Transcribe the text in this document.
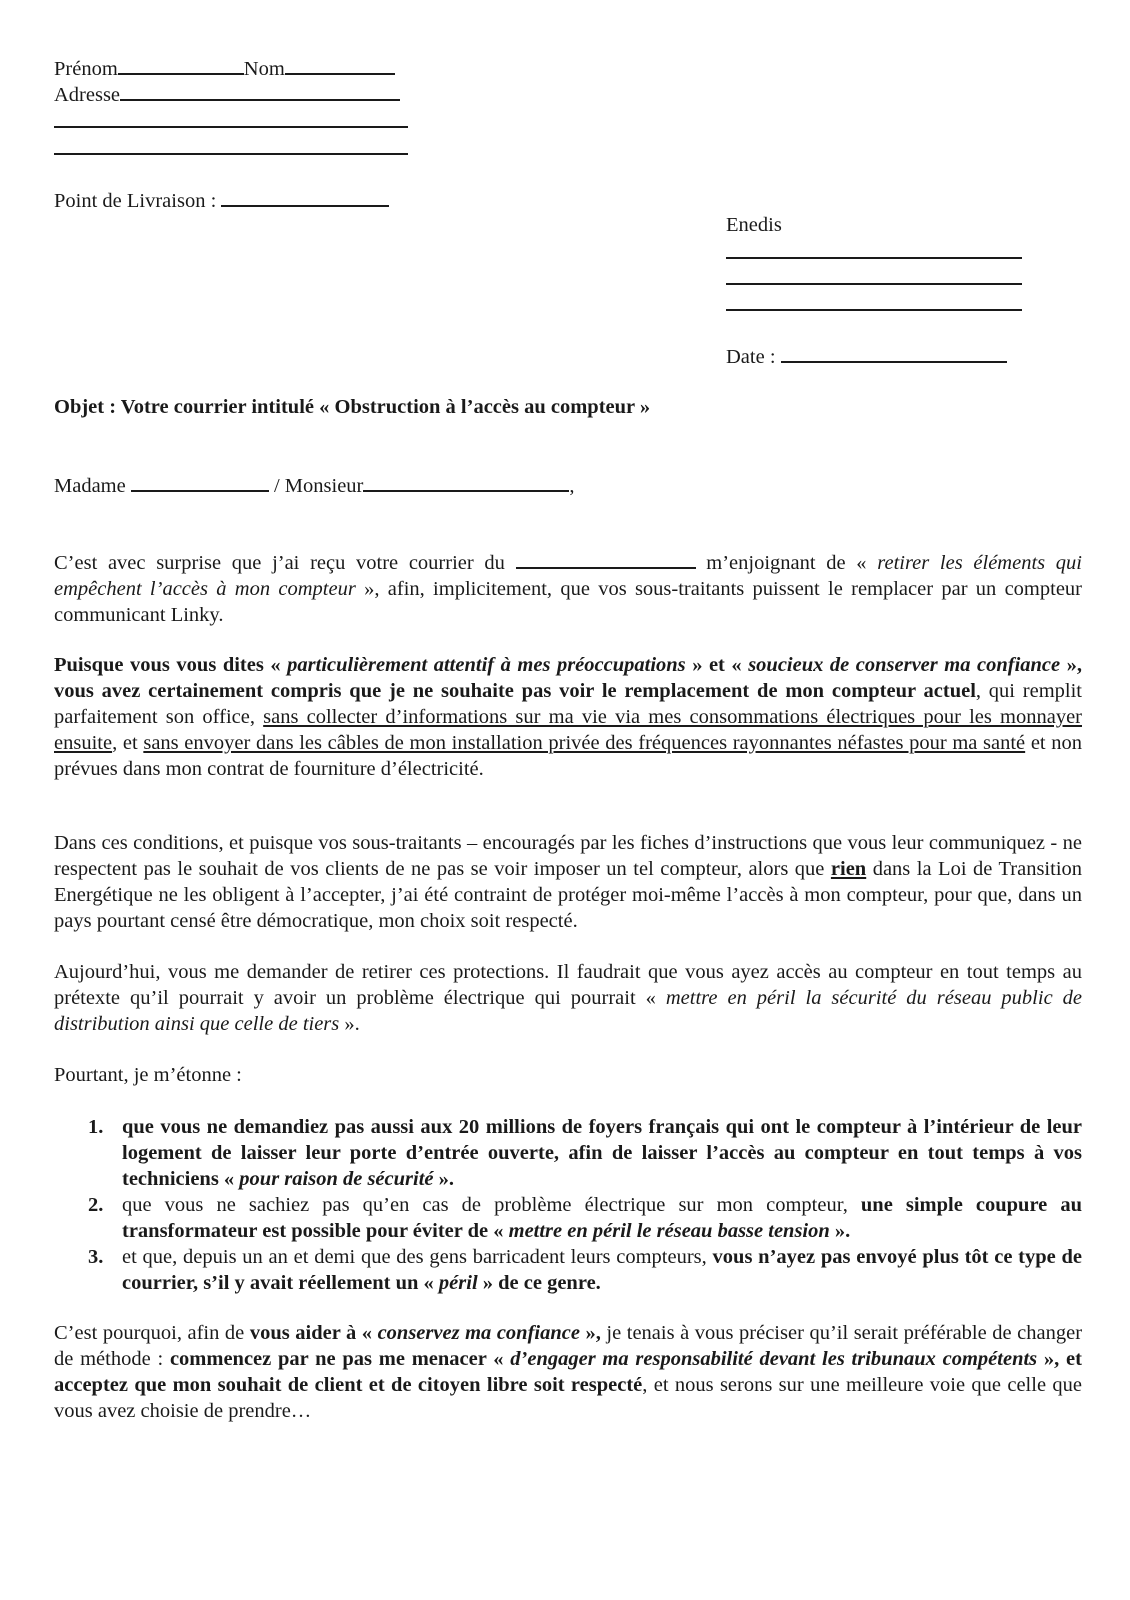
Prénom	Nom
Adresse
Point de Livraison :
Enedis
Date :
Objet : Votre courrier intitulé « Obstruction à l’accès au compteur »
Madame	/ Monsieur	,

C’est avec surprise que j’ai reçu votre courrier du	m’enjoignant de « retirer les éléments qui empêchent l’accès à mon compteur », afin, implicitement, que vos sous-traitants puissent le remplacer par un compteur communicant Linky.

Puisque vous vous dites « particulièrement attentif à mes préoccupations » et « soucieux de conserver ma confiance », vous avez certainement compris que je ne souhaite pas voir le remplacement de mon compteur actuel, qui remplit parfaitement son office, sans collecter d’informations sur ma vie via mes consommations électriques pour les monnayer ensuite, et sans envoyer dans les câbles de mon installation privée des fréquences rayonnantes néfastes pour ma santé et non prévues dans mon contrat de fourniture d’électricité.

Dans ces conditions, et puisque vos sous-traitants – encouragés par les fiches d’instructions que vous leur communiquez - ne respectent pas le souhait de vos clients de ne pas se voir imposer un tel compteur, alors que rien dans la Loi de Transition Energétique ne les obligent à l’accepter, j’ai été contraint de protéger moi-même l’accès à mon compteur, pour que, dans un pays pourtant censé être démocratique, mon choix soit respecté.

Aujourd’hui, vous me demander de retirer ces protections. Il faudrait que vous ayez accès au compteur en tout temps au prétexte qu’il pourrait y avoir un problème électrique qui pourrait « mettre en péril la sécurité du réseau public de distribution ainsi que celle de tiers ».

Pourtant, je m’étonne :
1. que vous ne demandiez pas aussi aux 20 millions de foyers français qui ont le compteur à l’intérieur de leur logement de laisser leur porte d’entrée ouverte, afin de laisser l’accès au compteur en tout temps à vos techniciens « pour raison de sécurité ».
2. que vous ne sachiez pas qu’en cas de problème électrique sur mon compteur, une simple coupure au transformateur est possible pour éviter de « mettre en péril le réseau basse tension ».
3. et que, depuis un an et demi que des gens barricadent leurs compteurs, vous n’ayez pas envoyé plus tôt ce type de courrier, s’il y avait réellement un « péril » de ce genre.

C’est pourquoi, afin de vous aider à « conservez ma confiance », je tenais à vous préciser qu’il serait préférable de changer de méthode : commencez par ne pas me menacer « d’engager ma responsabilité devant les tribunaux compétents », et acceptez que mon souhait de client et de citoyen libre soit respecté, et nous serons sur une meilleure voie que celle que vous avez choisie de prendre…
